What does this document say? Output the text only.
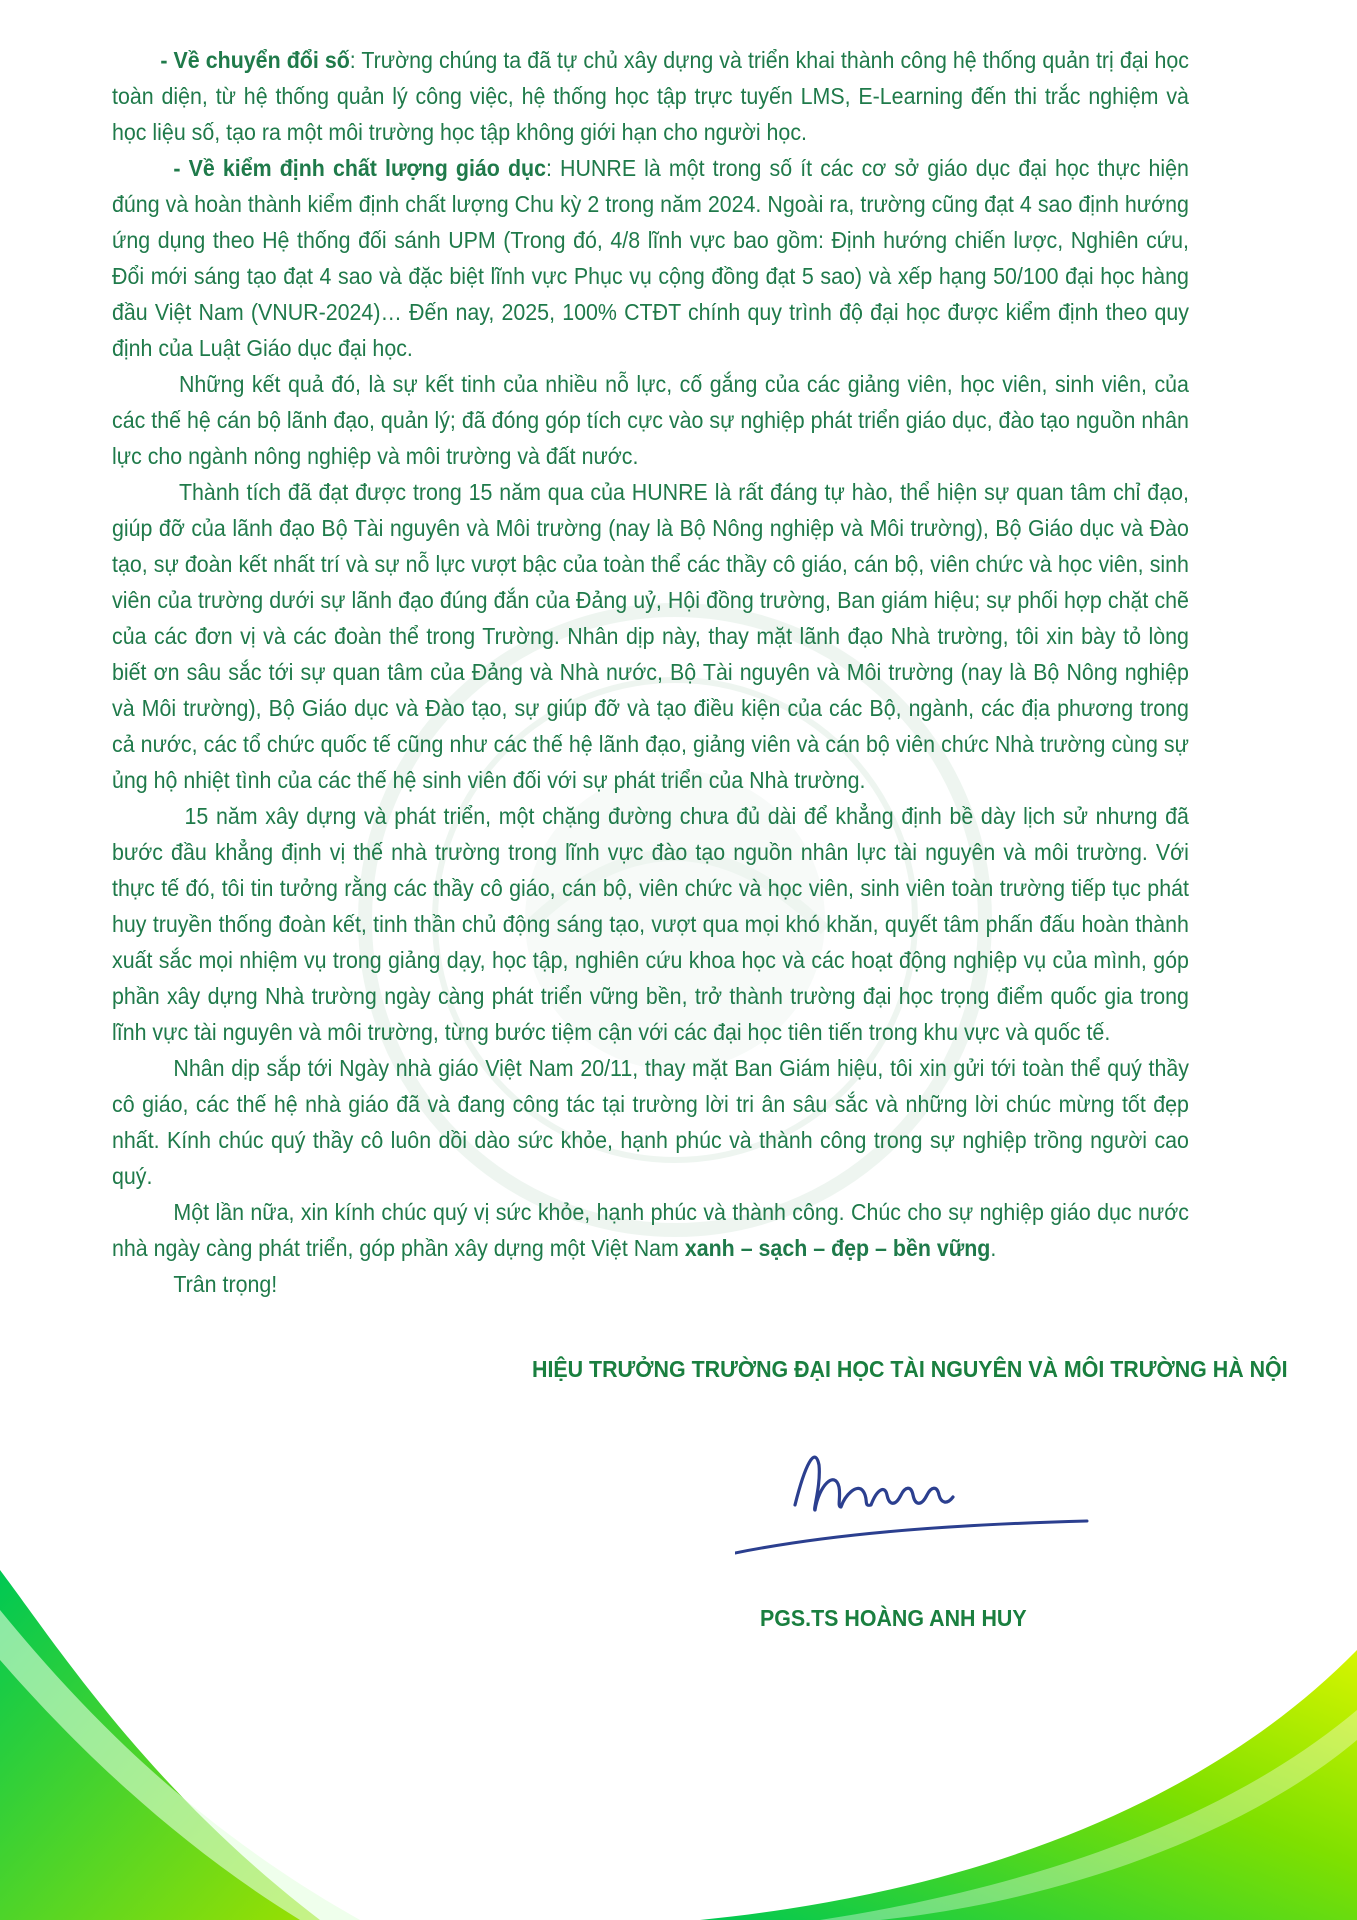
- Về chuyển đổi số: Trường chúng ta đã tự chủ xây dựng và triển khai thành công hệ thống quản trị đại học toàn diện, từ hệ thống quản lý công việc, hệ thống học tập trực tuyến LMS, E-Learning đến thi trắc nghiệm và học liệu số, tạo ra một môi trường học tập không giới hạn cho người học.

- Về kiểm định chất lượng giáo dục: HUNRE là một trong số ít các cơ sở giáo dục đại học thực hiện đúng và hoàn thành kiểm định chất lượng Chu kỳ 2 trong năm 2024. Ngoài ra, trường cũng đạt 4 sao định hướng ứng dụng theo Hệ thống đối sánh UPM (Trong đó, 4/8 lĩnh vực bao gồm: Định hướng chiến lược, Nghiên cứu, Đổi mới sáng tạo đạt 4 sao và đặc biệt lĩnh vực Phục vụ cộng đồng đạt 5 sao) và xếp hạng 50/100 đại học hàng đầu Việt Nam (VNUR-2024)… Đến nay, 2025, 100% CTĐT chính quy trình độ đại học được kiểm định theo quy định của Luật Giáo dục đại học.

Những kết quả đó, là sự kết tinh của nhiều nỗ lực, cố gắng của các giảng viên, học viên, sinh viên, của các thế hệ cán bộ lãnh đạo, quản lý; đã đóng góp tích cực vào sự nghiệp phát triển giáo dục, đào tạo nguồn nhân lực cho ngành nông nghiệp và môi trường và đất nước.

Thành tích đã đạt được trong 15 năm qua của HUNRE là rất đáng tự hào, thể hiện sự quan tâm chỉ đạo, giúp đỡ của lãnh đạo Bộ Tài nguyên và Môi trường (nay là Bộ Nông nghiệp và Môi trường), Bộ Giáo dục và Đào tạo, sự đoàn kết nhất trí và sự nỗ lực vượt bậc của toàn thể các thầy cô giáo, cán bộ, viên chức và học viên, sinh viên của trường dưới sự lãnh đạo đúng đắn của Đảng uỷ, Hội đồng trường, Ban giám hiệu; sự phối hợp chặt chẽ của các đơn vị và các đoàn thể trong Trường. Nhân dịp này, thay mặt lãnh đạo Nhà trường, tôi xin bày tỏ lòng biết ơn sâu sắc tới sự quan tâm của Đảng và Nhà nước, Bộ Tài nguyên và Môi trường (nay là Bộ Nông nghiệp và Môi trường), Bộ Giáo dục và Đào tạo, sự giúp đỡ và tạo điều kiện của các Bộ, ngành, các địa phương trong cả nước, các tổ chức quốc tế cũng như các thế hệ lãnh đạo, giảng viên và cán bộ viên chức Nhà trường cùng sự ủng hộ nhiệt tình của các thế hệ sinh viên đối với sự phát triển của Nhà trường.

15 năm xây dựng và phát triển, một chặng đường chưa đủ dài để khẳng định bề dày lịch sử nhưng đã bước đầu khẳng định vị thế nhà trường trong lĩnh vực đào tạo nguồn nhân lực tài nguyên và môi trường. Với thực tế đó, tôi tin tưởng rằng các thầy cô giáo, cán bộ, viên chức và học viên, sinh viên toàn trường tiếp tục phát huy truyền thống đoàn kết, tinh thần chủ động sáng tạo, vượt qua mọi khó khăn, quyết tâm phấn đấu hoàn thành xuất sắc mọi nhiệm vụ trong giảng dạy, học tập, nghiên cứu khoa học và các hoạt động nghiệp vụ của mình, góp phần xây dựng Nhà trường ngày càng phát triển vững bền, trở thành trường đại học trọng điểm quốc gia trong lĩnh vực tài nguyên và môi trường, từng bước tiệm cận với các đại học tiên tiến trong khu vực và quốc tế.

Nhân dịp sắp tới Ngày nhà giáo Việt Nam 20/11, thay mặt Ban Giám hiệu, tôi xin gửi tới toàn thể quý thầy cô giáo, các thế hệ nhà giáo đã và đang công tác tại trường lời tri ân sâu sắc và những lời chúc mừng tốt đẹp nhất. Kính chúc quý thầy cô luôn dồi dào sức khỏe, hạnh phúc và thành công trong sự nghiệp trồng người cao quý.

Một lần nữa, xin kính chúc quý vị sức khỏe, hạnh phúc và thành công. Chúc cho sự nghiệp giáo dục nước nhà ngày càng phát triển, góp phần xây dựng một Việt Nam xanh – sạch – đẹp – bền vững.

Trân trọng!

HIỆU TRƯỞNG TRƯỜNG ĐẠI HỌC TÀI NGUYÊN VÀ MÔI TRƯỜNG HÀ NỘI
PGS.TS HOÀNG ANH HUY
